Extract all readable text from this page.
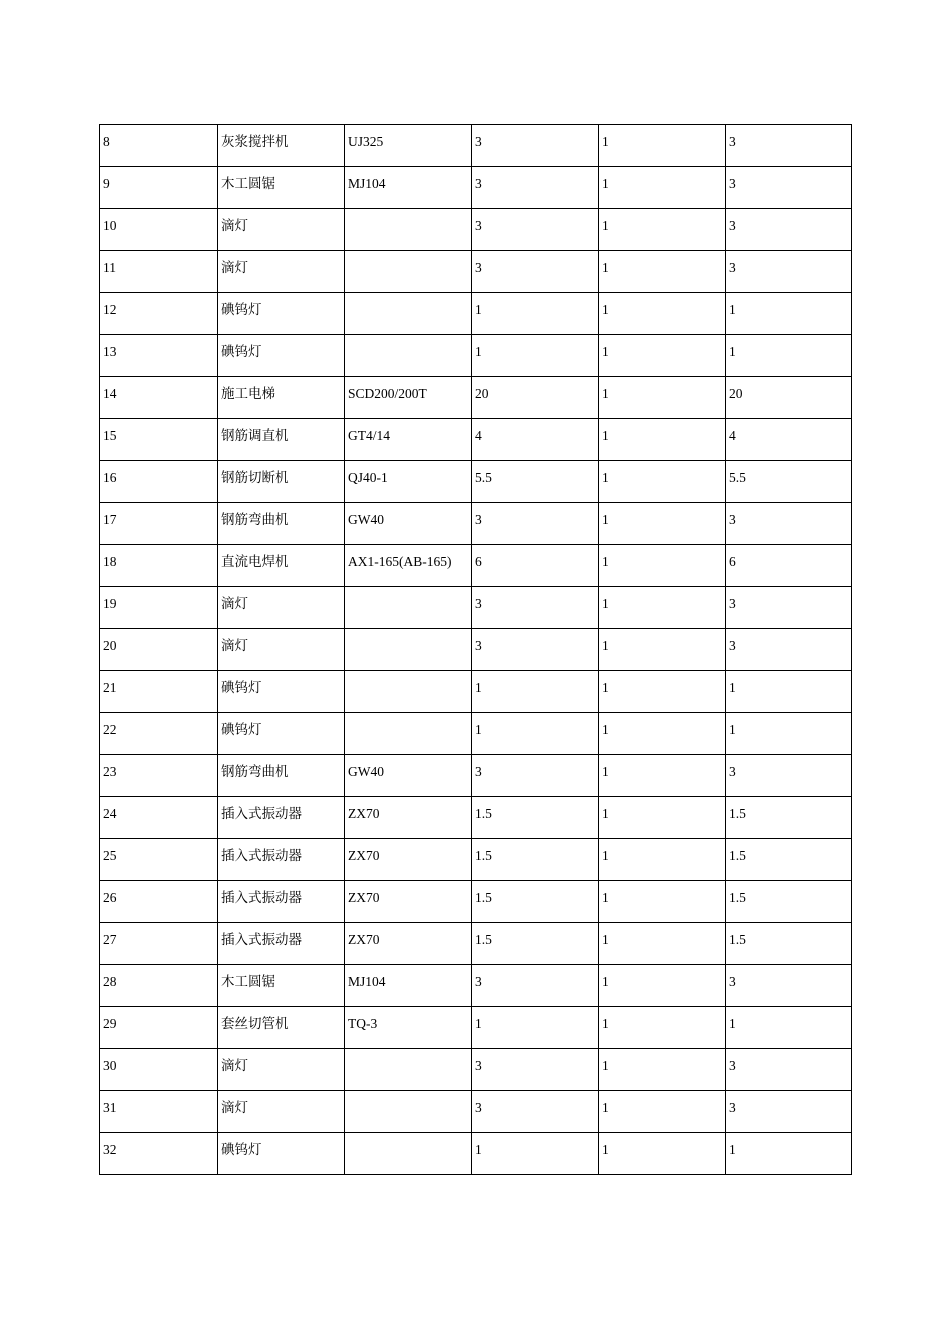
8	灰浆搅拌机	UJ325	3	1	3

9	木工圆锯	MJ104	3	1	3

10	滴灯		3	1	3

11	滴灯		3	1	3

12	碘钨灯		1	1	1

13	碘钨灯		1	1	1

14	施工电梯	SCD200/200T	20	1	20

15	钢筋调直机	GT4/14	4	1	4

16	钢筋切断机	QJ40-1	5.5	1	5.5

17	钢筋弯曲机	GW40	3	1	3

18	直流电焊机	AX1-165(AB-165)	6	1	6

19	滴灯		3	1	3

20	滴灯		3	1	3

21	碘钨灯		1	1	1

22	碘钨灯		1	1	1

23	钢筋弯曲机	GW40	3	1	3

24	插入式振动器	ZX70	1.5	1	1.5

25	插入式振动器	ZX70	1.5	1	1.5

26	插入式振动器	ZX70	1.5	1	1.5

27	插入式振动器	ZX70	1.5	1	1.5

28	木工圆锯	MJ104	3	1	3

29	套丝切管机	TQ-3	1	1	1

30	滴灯		3	1	3

31	滴灯		3	1	3

32	碘钨灯		1	1	1
